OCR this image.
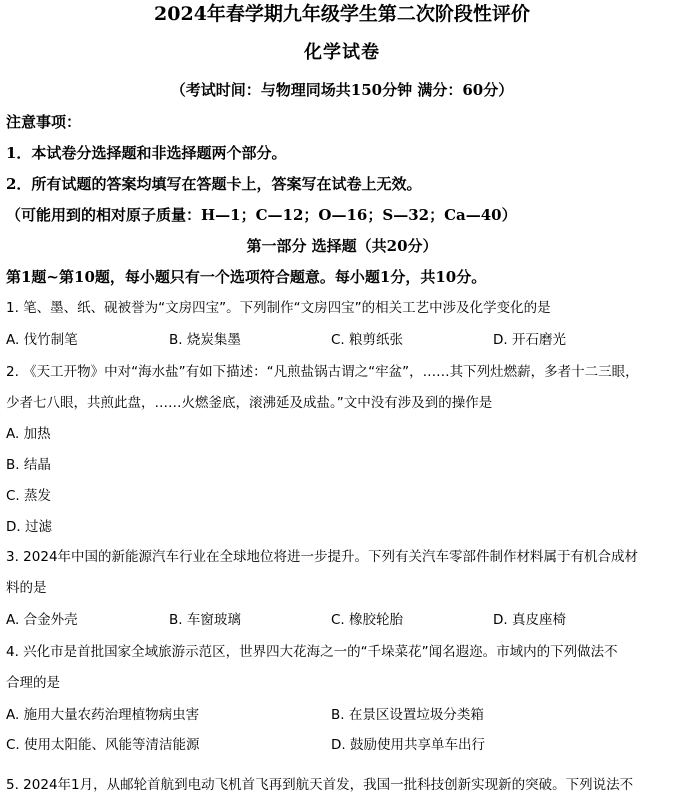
2024年春学期九年级学生第二次阶段性评价
化学试卷
（考试时间：与物理同场共150分钟 满分：60分）
注意事项：
1．本试卷分选择题和非选择题两个部分。
2．所有试题的答案均填写在答题卡上，答案写在试卷上无效。
（可能用到的相对原子质量：H—1；C—12；O—16；S—32；Ca—40）
第一部分 选择题（共20分）
第1题~第10题，每小题只有一个选项符合题意。每小题1分，共10分。
1. 笔、墨、纸、砚被誉为“文房四宝”。下列制作“文房四宝”的相关工艺中涉及化学变化的是
A. 伐竹制笔	B. 烧炭集墨	C. 粮剪纸张	D. 开石磨光
2. 《天工开物》中对“海水盐”有如下描述：“凡煎盐锅古谓之“牢盆”，……其下列灶燃薪，多者十二三眼，
少者七八眼，共煎此盘，……火燃釜底，滚沸延及成盐。”文中没有涉及到的操作是
A. 加热
B. 结晶
C. 蒸发
D. 过滤
3. 2024年中国的新能源汽车行业在全球地位将进一步提升。下列有关汽车零部件制作材料属于有机合成材
料的是
A. 合金外壳	B. 车窗玻璃	C. 橡胶轮胎	D. 真皮座椅
4. 兴化市是首批国家全域旅游示范区，世界四大花海之一的“千垛菜花”闻名遐迩。市域内的下列做法不
合理的是
A. 施用大量农药治理植物病虫害	B. 在景区设置垃圾分类箱
C. 使用太阳能、风能等清洁能源	D. 鼓励使用共享单车出行
5. 2024年1月，从邮轮首航到电动飞机首飞再到航天首发，我国一批科技创新实现新的突破。下列说法不
